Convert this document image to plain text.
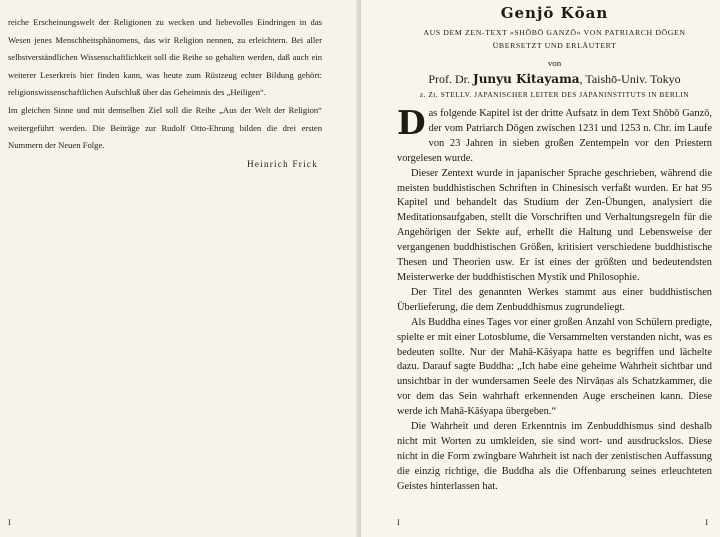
reiche Erscheinungswelt der Religionen zu wecken und liebevolles Eindringen in das Wesen jenes Menschheitsphänomens, das wir Religion nennen, zu erleichtern. Bei aller selbstverständlichen Wissenschaftlichkeit soll die Reihe so gehalten werden, daß auch ein weiterer Leserkreis hier finden kann, was heute zum Rüstzeug echter Bildung gehört: religionswissenschaftlichen Aufschluß über das Geheimnis des „Heiligen“.

Im gleichen Sinne und mit demselben Ziel soll die Reihe „Aus der Welt der Religion“ weitergeführt werden. Die Beiträge zur Rudolf Otto-Ehrung bilden die drei ersten Nummern der Neuen Folge.

Heinrich Frick
I
Genjō Kōan

AUS DEM ZEN-TEXT »SHŌBŌ GANZŌ« VON PATRIARCH DŌGEN

ÜBERSETZT UND ERLÄUTERT

von

Prof. Dr. Junyu Kitayama, Taishō-Univ. Tokyo

z. Zt. STELLV. JAPANISCHER LEITER DES JAPANINSTITUTS IN BERLIN

Das folgende Kapitel ist der dritte Aufsatz in dem Text Shōbō Ganzō, der vom Patriarch Dōgen zwischen 1231 und 1253 n. Chr. im Laufe von 23 Jahren in sieben großen Zentempeln vor den Priestern vorgelesen wurde.

Dieser Zentext wurde in japanischer Sprache geschrieben, während die meisten buddhistischen Schriften in Chinesisch verfaßt wurden. Er hat 95 Kapitel und behandelt das Studium der Zen-Übungen, analysiert die Meditationsaufgaben, stellt die Vorschriften und Verhaltungsregeln für die Angehörigen der Sekte auf, erhellt die Haltung und Lebensweise der vergangenen buddhistischen Größen, kritisiert verschiedene buddhistische Thesen und Theorien usw. Er ist eines der größten und bedeutendsten Meisterwerke der buddhistischen Mystik und Philosophie.

Der Titel des genannten Werkes stammt aus einer buddhistischen Überlieferung, die dem Zenbuddhismus zugrundeliegt.

Als Buddha eines Tages vor einer großen Anzahl von Schülern predigte, spielte er mit einer Lotosblume, die Versammelten verstanden nicht, was es bedeuten sollte. Nur der Mahā-Kāśyapa hatte es begriffen und lächelte dazu. Darauf sagte Buddha: „Ich habe eine geheime Wahrheit sichtbar und unsichtbar in der wundersamen Seele des Nirvāṇas als Schatzkammer, die vor dem das Sein wahrhaft erkennenden Auge erscheinen kann. Diese werde ich Mahā-Kāśyapa übergeben.“

Die Wahrheit und deren Erkenntnis im Zenbuddhismus sind deshalb nicht mit Worten zu umkleiden, sie sind wort- und ausdruckslos. Diese nicht in die Form zwingbare Wahrheit ist nach der zenistischen Auffassung die einzig richtige, die Buddha als die Offenbarung seines erleuchteten Geistes hinterlassen hat.

I	I
